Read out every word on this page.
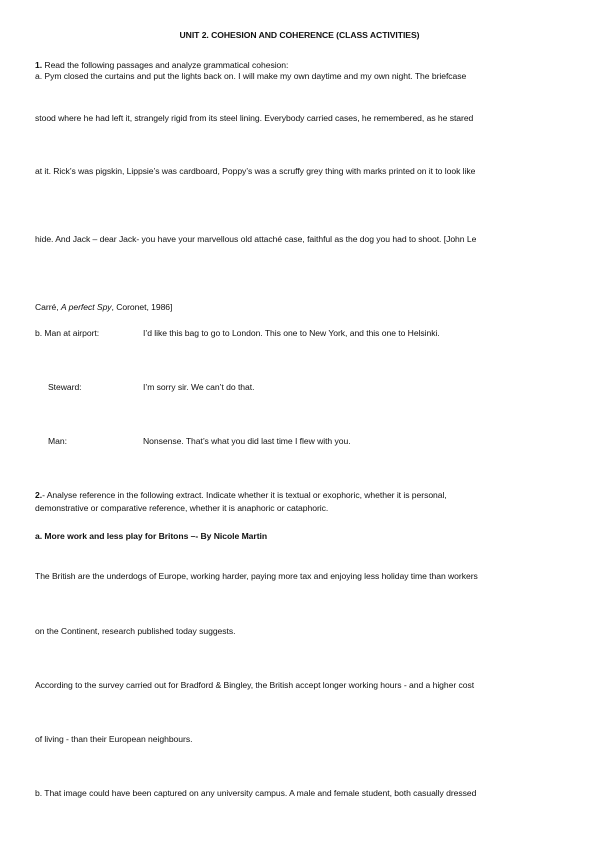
UNIT 2. COHESION AND COHERENCE (CLASS ACTIVITIES)
1. Read the following passages and analyze grammatical cohesion:
a. Pym closed the curtains and put the lights back on. I will make my own daytime and my own night. The briefcase
stood where he had left it, strangely rigid from its steel lining. Everybody carried cases, he remembered, as he stared
at it. Rick’s was pigskin, Lippsie’s was cardboard, Poppy’s was a scruffy grey thing with marks printed on it to look like
hide. And Jack – dear Jack- you have your marvellous old attaché case, faithful as the dog you had to shoot. [John Le
Carré, A perfect Spy, Coronet, 1986]
b. Man at airport:	I’d like this bag to go to London. This one to New York, and this one to Helsinki.
Steward:	I’m sorry sir. We can’t do that.
Man:	Nonsense. That’s what you did last time I flew with you.
2.- Analyse reference in the following extract. Indicate whether it is textual or exophoric, whether it is personal,
demonstrative or comparative reference, whether it is anaphoric or cataphoric.
a. More work and less play for Britons –- By Nicole Martin
The British are the underdogs of Europe, working harder, paying more tax and enjoying less holiday time than workers
on the Continent, research published today suggests.
According to the survey carried out for Bradford & Bingley, the British accept longer working hours - and a higher cost
of living - than their European neighbours.
b. That image could have been captured on any university campus. A male and female student, both casually dressed
